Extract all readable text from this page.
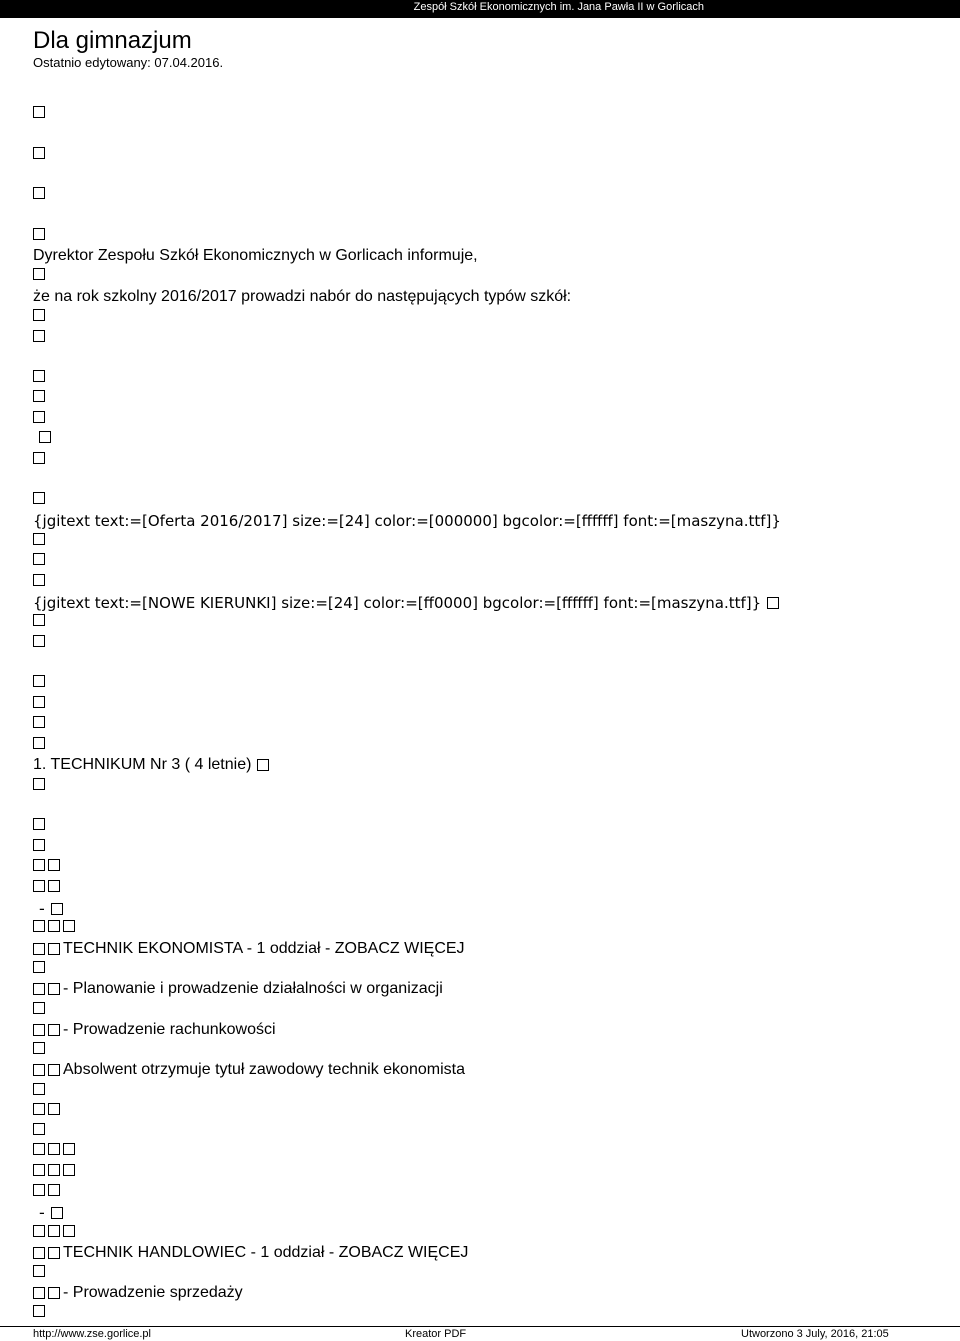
Zespół Szkół Ekonomicznych im. Jana Pawła II w Gorlicach
Dla gimnazjum
Ostatnio edytowany: 07.04.2016.
Dyrektor Zespołu Szkół Ekonomicznych w Gorlicach informuje,
że na rok szkolny 2016/2017 prowadzi nabór do następujących typów szkół:
{jgitext text:=[Oferta 2016/2017] size:=[24] color:=[000000] bgcolor:=[ffffff] font:=[maszyna.ttf]}
{jgitext text:=[NOWE KIERUNKI] size:=[24] color:=[ff0000] bgcolor:=[ffffff] font:=[maszyna.ttf]}
1. TECHNIKUM Nr 3 ( 4 letnie)
-
TECHNIK EKONOMISTA - 1 oddział - ZOBACZ WIĘCEJ
- Planowanie i prowadzenie działalności w organizacji
- Prowadzenie rachunkowości
Absolwent otrzymuje tytuł zawodowy technik ekonomista
-
TECHNIK HANDLOWIEC - 1 oddział - ZOBACZ WIĘCEJ
- Prowadzenie sprzedaży
http://www.zse.gorlice.pl	Kreator PDF	Utworzono 3 July, 2016, 21:05
